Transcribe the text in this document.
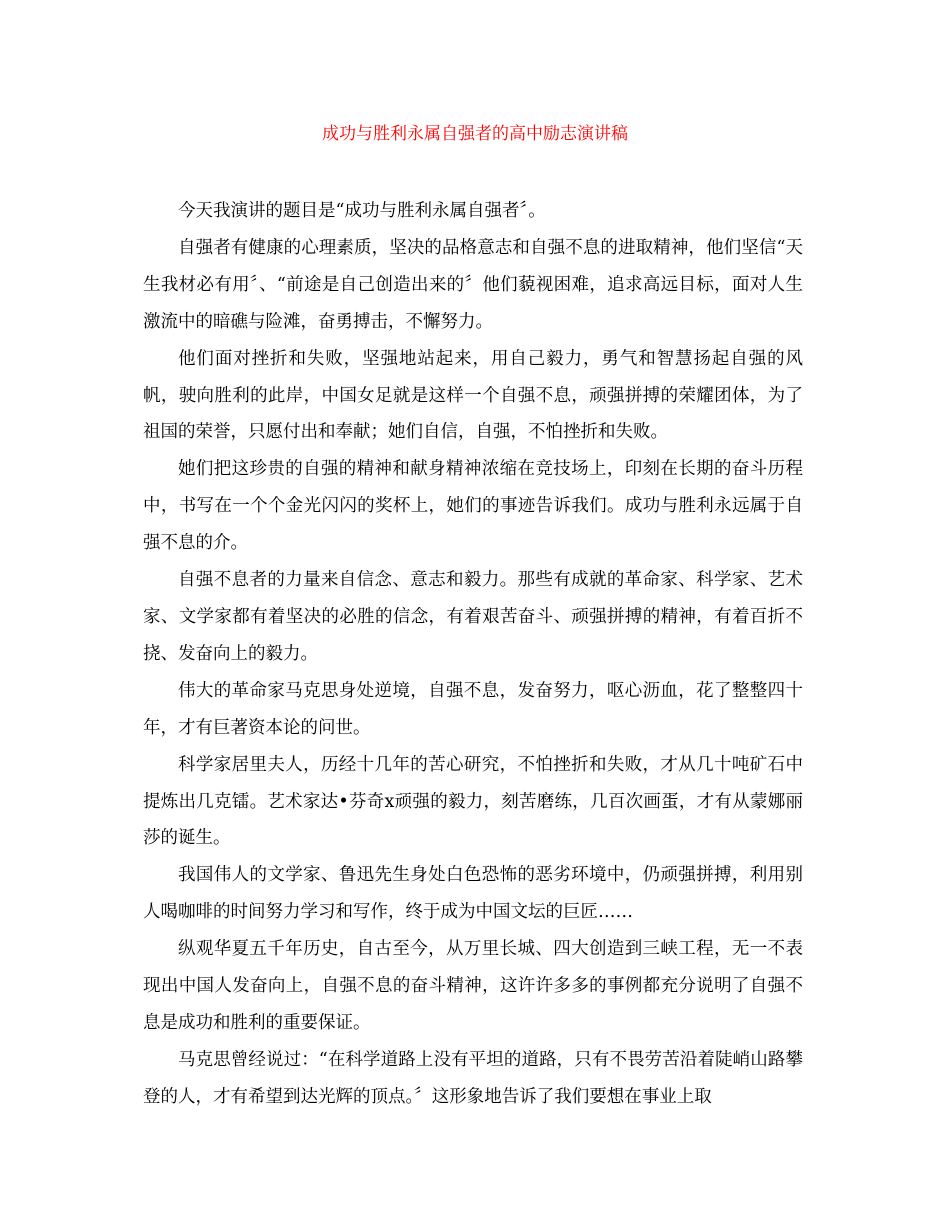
成功与胜利永属自强者的高中励志演讲稿

今天我演讲的题目是“成功与胜利永属自强者〞。

自强者有健康的心理素质，坚决的品格意志和自强不息的进取精神，他们坚信“天生我材必有用〞、“前途是自己创造出来的〞他们藐视困难，追求高远目标，面对人生激流中的暗礁与险滩，奋勇搏击，不懈努力。

他们面对挫折和失败，坚强地站起来，用自己毅力，勇气和智慧扬起自强的风帆，驶向胜利的此岸，中国女足就是这样一个自强不息，顽强拼搏的荣耀团体，为了祖国的荣誉，只愿付出和奉献；她们自信，自强，不怕挫折和失败。

她们把这珍贵的自强的精神和献身精神浓缩在竞技场上，印刻在长期的奋斗历程中，书写在一个个金光闪闪的奖杯上，她们的事迹告诉我们。成功与胜利永远属于自强不息的介。

自强不息者的力量来自信念、意志和毅力。那些有成就的革命家、科学家、艺术家、文学家都有着坚决的必胜的信念，有着艰苦奋斗、顽强拼搏的精神，有着百折不挠、发奋向上的毅力。

伟大的革命家马克思身处逆境，自强不息，发奋努力，呕心沥血，花了整整四十年，才有巨著资本论的问世。

科学家居里夫人，历经十几年的苦心研究，不怕挫折和失败，才从几十吨矿石中提炼出几克镭。艺术家达•芬奇x顽强的毅力，刻苦磨练，几百次画蛋，才有从蒙娜丽莎的诞生。

我国伟人的文学家、鲁迅先生身处白色恐怖的恶劣环境中，仍顽强拼搏，利用别人喝咖啡的时间努力学习和写作，终于成为中国文坛的巨匠……

纵观华夏五千年历史，自古至今，从万里长城、四大创造到三峡工程，无一不表现出中国人发奋向上，自强不息的奋斗精神，这许许多多的事例都充分说明了自强不息是成功和胜利的重要保证。

马克思曾经说过：“在科学道路上没有平坦的道路，只有不畏劳苦沿着陡峭山路攀登的人，才有希望到达光辉的顶点。〞这形象地告诉了我们要想在事业上取
